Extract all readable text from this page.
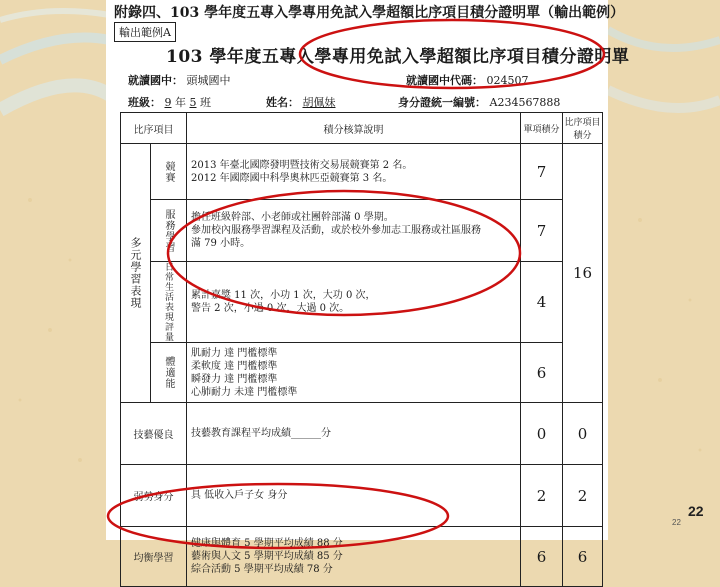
附錄四、103 學年度五專入學專用免試入學超額比序項目積分證明單（輸出範例）
輸出範例A
103 學年度五專入學專用免試入學超額比序項目積分證明單
就讀國中： 頭城國中	就讀國中代碼： 024507
班級： 9 年 5 班	姓名： 胡佩妹	身分證統一編號： A234567888
比序項目		積分核算說明	單項積分	比序項目積分

多元學習表現	競賽	2013 年臺北國際發明暨技術交易展競賽第 2 名。
2012 年國際國中科學奧林匹亞競賽第 3 名。	7	16

	服務學習	擔任班級幹部、小老師或社團幹部滿 0 學期。
參加校內服務學習課程及活動，或於校外參加志工服務或社區服務
滿 79 小時。	7	

	日常生活表現評量	累計嘉獎 11 次，小功 1 次，大功 0 次，
警告 2 次，小過 0 次，大過 0 次。	4	

	體適能	肌耐力 達 門檻標準
柔軟度 達 門檻標準
瞬發力 達 門檻標準
心肺耐力 未達 門檻標準	6	
技藝優良		技藝教育課程平均成績______分	0	0
弱勢身分		具 低收入戶子女 身分	2	2
均衡學習		健康與體育 5 學期平均成績 88 分
藝術與人文 5 學期平均成績 85 分
綜合活動 5 學期平均成績 78 分	6	6
22
22
